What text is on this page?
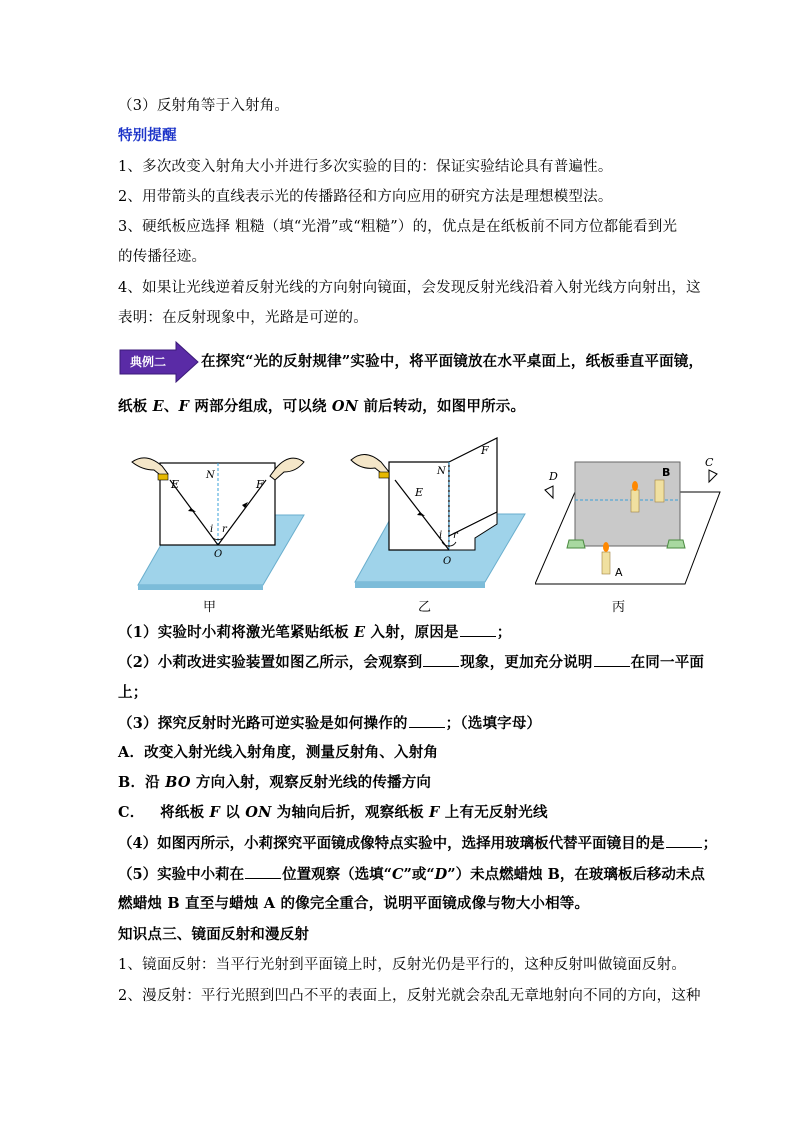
（3）反射角等于入射角。
特别提醒
1、多次改变入射角大小并进行多次实验的目的：保证实验结论具有普遍性。
2、用带箭头的直线表示光的传播路径和方向应用的研究方法是理想模型法。
3、硬纸板应选择 粗糙（填“光滑”或“粗糙”）的，优点是在纸板前不同方位都能看到光
的传播径迹。
4、如果让光线逆着反射光线的方向射向镜面，会发现反射光线沿着入射光线方向射出，这
表明：在反射现象中，光路是可逆的。
典例二 在探究“光的反射规律”实验中，将平面镜放在水平桌面上，纸板垂直平面镜，
纸板 E、F 两部分组成，可以绕 ON 前后转动，如图甲所示。
E	F
N
O
i r
甲
E
F
N
O
i r
乙
D
C
B
A
丙
（1）实验时小莉将激光笔紧贴纸板 E 入射，原因是	；
（2）小莉改进实验装置如图乙所示，会观察到	现象，更加充分说明	在同一平面
上；
（3）探究反射时光路可逆实验是如何操作的	；（选填字母）
A．改变入射光线入射角度，测量反射角、入射角
B．沿 BO 方向入射，观察反射光线的传播方向
C．   将纸板 F 以 ON 为轴向后折，观察纸板 F 上有无反射光线
（4）如图丙所示，小莉探究平面镜成像特点实验中，选择用玻璃板代替平面镜目的是	；
（5）实验中小莉在	位置观察（选填“C”或“D”）未点燃蜡烛 B，在玻璃板后移动未点
燃蜡烛 B 直至与蜡烛 A 的像完全重合，说明平面镜成像与物大小相等。
知识点三、镜面反射和漫反射
1、镜面反射：当平行光射到平面镜上时，反射光仍是平行的，这种反射叫做镜面反射。
2、漫反射：平行光照到凹凸不平的表面上，反射光就会杂乱无章地射向不同的方向，这种
